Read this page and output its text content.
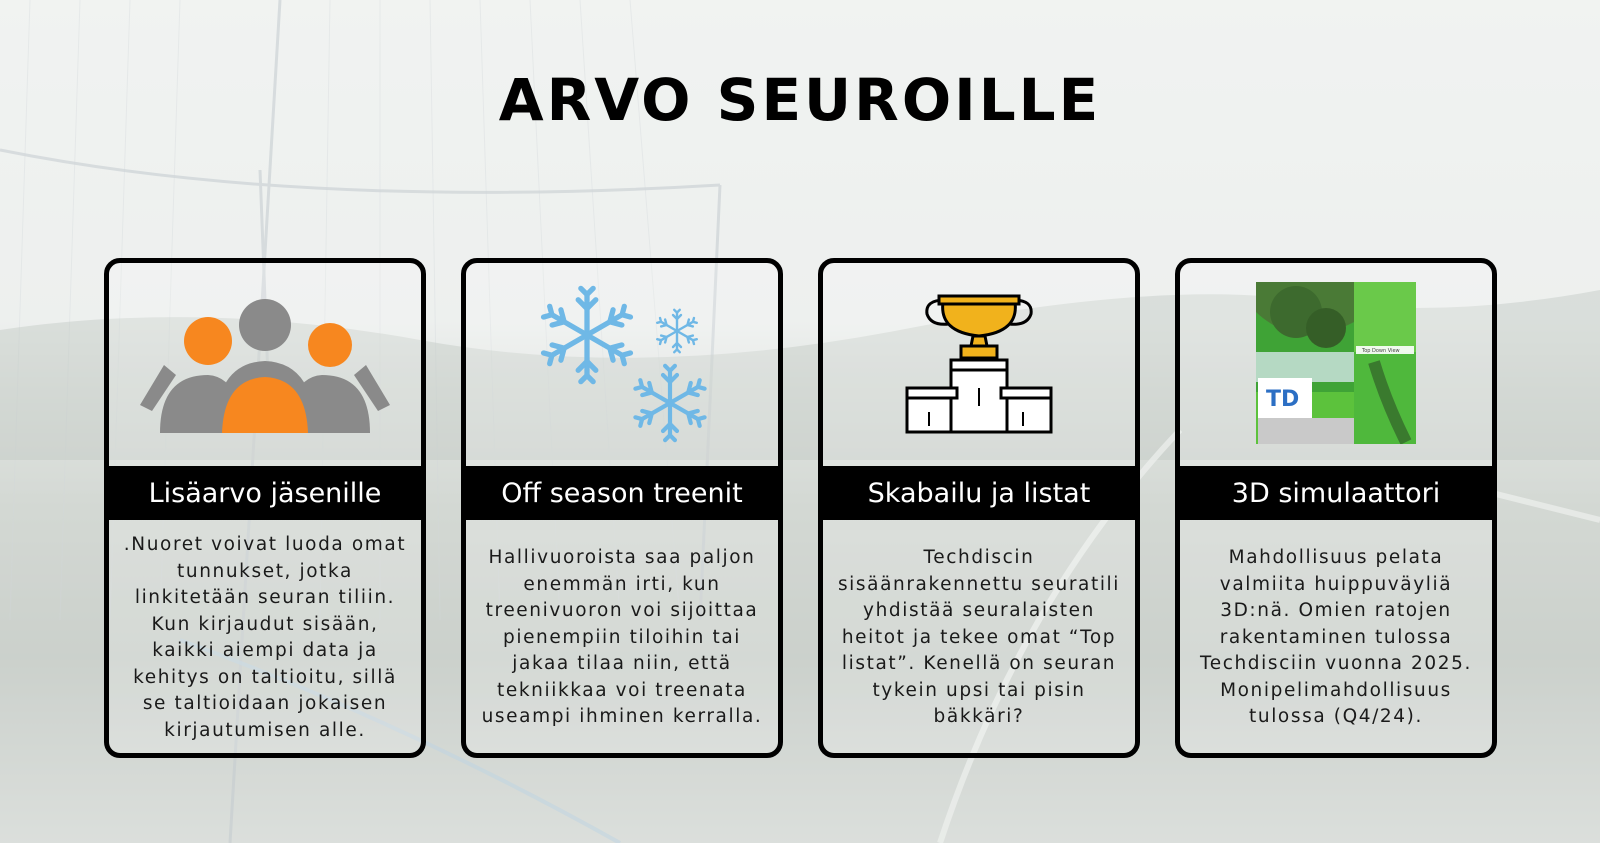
ARVO SEUROILLE
Lisäarvo jäsenille
.Nuoret voivat luoda omat tunnukset, jotka linkitetään seuran tiliin. Kun kirjaudut sisään, kaikki aiempi data ja kehitys on taltioitu, sillä se taltioidaan jokaisen kirjautumisen alle.
Off season treenit
Hallivuoroista saa paljon enemmän irti, kun treenivuoron voi sijoittaa pienempiin tiloihin tai jakaa tilaa niin, että tekniikkaa voi treenata useampi ihminen kerralla.
Skabailu ja listat
Techdiscin sisäänrakennettu seuratili yhdistää seuralaisten heitot ja tekee omat “Top listat”. Kenellä on seuran tykein upsi tai pisin bäkkäri?
Top Down View
TD
3D simulaattori
Mahdollisuus pelata valmiita huippuväyliä 3D:nä. Omien ratojen rakentaminen tulossa Techdisciin vuonna 2025. Monipelimahdollisuus tulossa (Q4/24).
